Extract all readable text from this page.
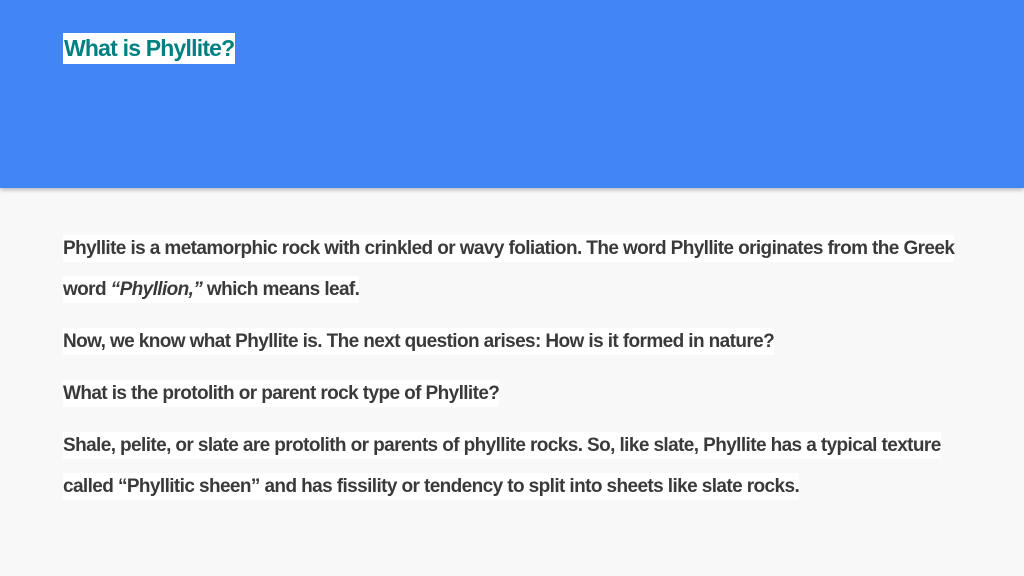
What is Phyllite?

Phyllite is a metamorphic rock with crinkled or wavy foliation. The word Phyllite originates from the Greek word “Phyllion,” which means leaf.

Now, we know what Phyllite is. The next question arises: How is it formed in nature?

What is the protolith or parent rock type of Phyllite?

Shale, pelite, or slate are protolith or parents of phyllite rocks. So, like slate, Phyllite has a typical texture called “Phyllitic sheen” and has fissility or tendency to split into sheets like slate rocks.
